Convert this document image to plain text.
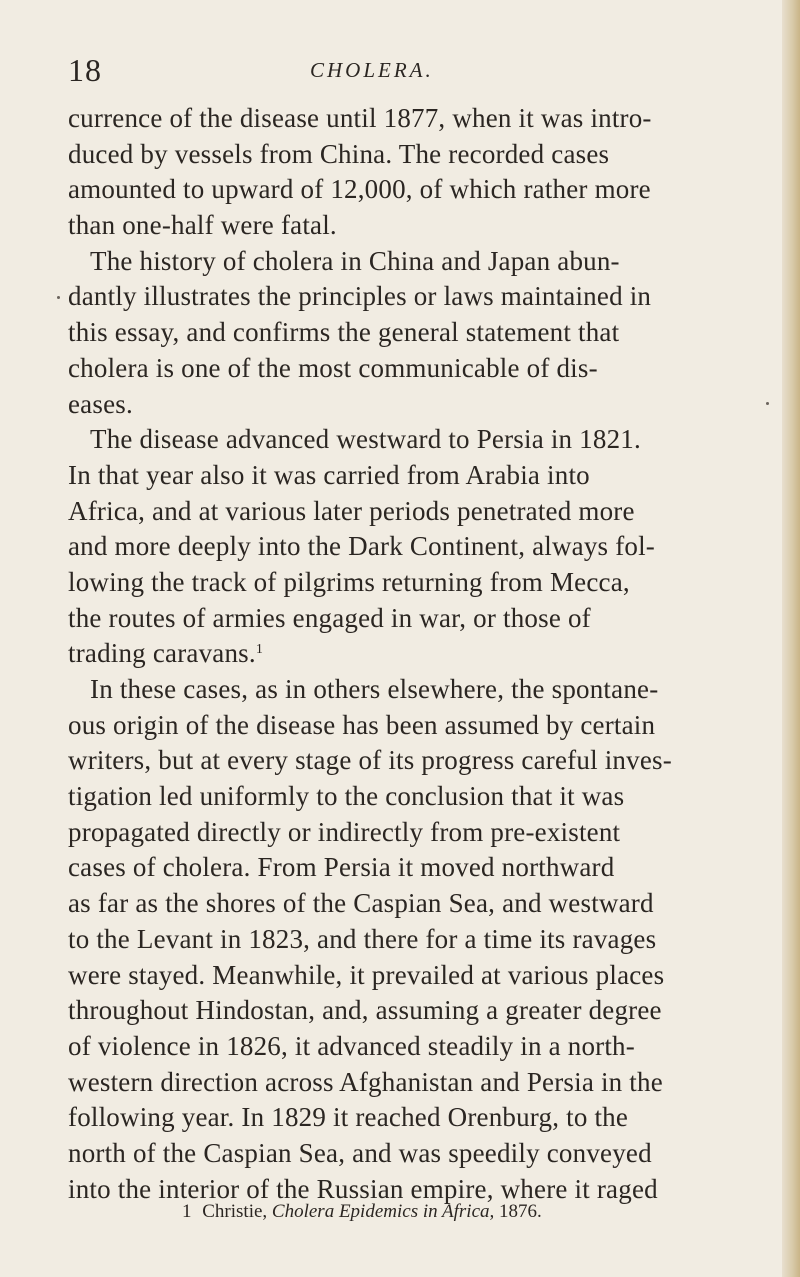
18	CHOLERA.
currence of the disease until 1877, when it was intro-
duced by vessels from China. The recorded cases
amounted to upward of 12,000, of which rather more
than one-half were fatal.
The history of cholera in China and Japan abun-
dantly illustrates the principles or laws maintained in
this essay, and confirms the general statement that
cholera is one of the most communicable of dis-
eases.
The disease advanced westward to Persia in 1821.
In that year also it was carried from Arabia into
Africa, and at various later periods penetrated more
and more deeply into the Dark Continent, always fol-
lowing the track of pilgrims returning from Mecca,
the routes of armies engaged in war, or those of
trading caravans.$^1$
In these cases, as in others elsewhere, the spontane-
ous origin of the disease has been assumed by certain
writers, but at every stage of its progress careful inves-
tigation led uniformly to the conclusion that it was
propagated directly or indirectly from pre-existent
cases of cholera. From Persia it moved northward
as far as the shores of the Caspian Sea, and westward
to the Levant in 1823, and there for a time its ravages
were stayed. Meanwhile, it prevailed at various places
throughout Hindostan, and, assuming a greater degree
of violence in 1826, it advanced steadily in a north-
western direction across Afghanistan and Persia in the
following year. In 1829 it reached Orenburg, to the
north of the Caspian Sea, and was speedily conveyed
into the interior of the Russian empire, where it raged
1 Christie, Cholera Epidemics in Africa, 1876.
